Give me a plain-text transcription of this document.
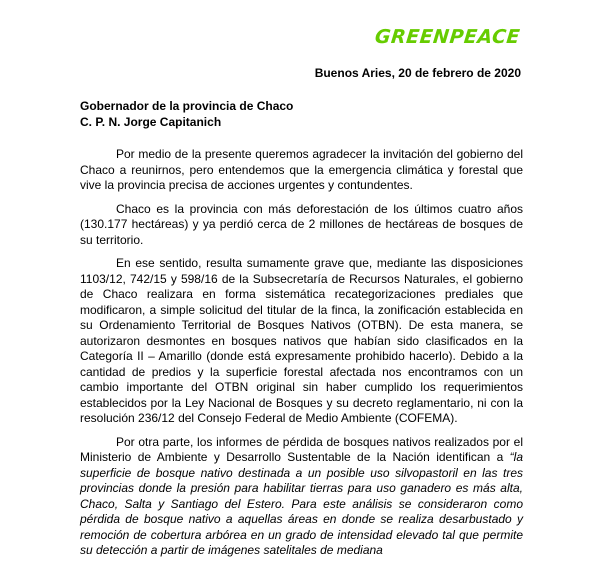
GREENPEACE
Buenos Aries, 20 de febrero de 2020
Gobernador de la provincia de Chaco
C. P. N. Jorge Capitanich

Por medio de la presente queremos agradecer la invitación del gobierno del Chaco a reunirnos, pero entendemos que la emergencia climática y forestal que vive la provincia precisa de acciones urgentes y contundentes.

Chaco es la provincia con más deforestación de los últimos cuatro años (130.177 hectáreas) y ya perdió cerca de 2 millones de hectáreas de bosques de su territorio.

En ese sentido, resulta sumamente grave que, mediante las disposiciones 1103/12, 742/15 y 598/16 de la Subsecretaría de Recursos Naturales, el gobierno de Chaco realizara en forma sistemática recategorizaciones prediales que modificaron, a simple solicitud del titular de la finca, la zonificación establecida en su Ordenamiento Territorial de Bosques Nativos (OTBN). De esta manera, se autorizaron desmontes en bosques nativos que habían sido clasificados en la Categoría II – Amarillo (donde está expresamente prohibido hacerlo). Debido a la cantidad de predios y la superficie forestal afectada nos encontramos con un cambio importante del OTBN original sin haber cumplido los requerimientos establecidos por la Ley Nacional de Bosques y su decreto reglamentario, ni con la resolución 236/12 del Consejo Federal de Medio Ambiente (COFEMA).

Por otra parte, los informes de pérdida de bosques nativos realizados por el Ministerio de Ambiente y Desarrollo Sustentable de la Nación identifican a “la superficie de bosque nativo destinada a un posible uso silvopastoril en las tres provincias donde la presión para habilitar tierras para uso ganadero es más alta, Chaco, Salta y Santiago del Estero. Para este análisis se consideraron como pérdida de bosque nativo a aquellas áreas en donde se realiza desarbustado y remoción de cobertura arbórea en un grado de intensidad elevado tal que permite su detección a partir de imágenes satelitales de mediana
